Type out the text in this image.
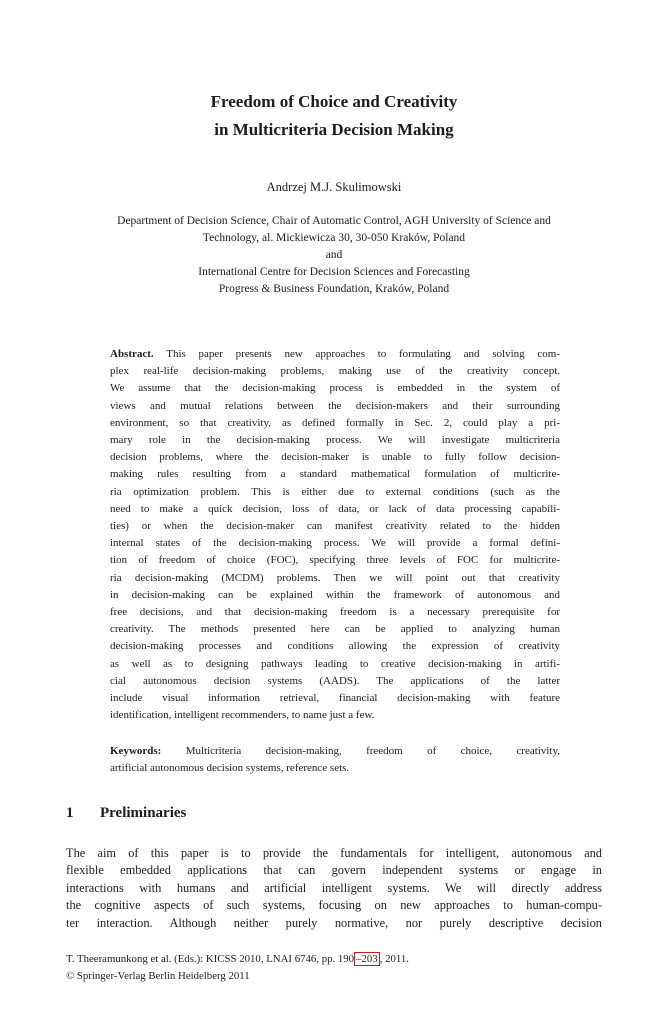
Freedom of Choice and Creativity
in Multicriteria Decision Making
Andrzej M.J. Skulimowski
Department of Decision Science, Chair of Automatic Control, AGH University of Science and
Technology, al. Mickiewicza 30, 30-050 Kraków, Poland
and
International Centre for Decision Sciences and Forecasting
Progress & Business Foundation, Kraków, Poland
Abstract. This paper presents new approaches to formulating and solving com-
plex real-life decision-making problems, making use of the creativity concept.
We assume that the decision-making process is embedded in the system of
views and mutual relations between the decision-makers and their surrounding
environment, so that creativity, as defined formally in Sec. 2, could play a pri-
mary role in the decision-making process. We will investigate multicriteria
decision problems, where the decision-maker is unable to fully follow decision-
making rules resulting from a standard mathematical formulation of multicrite-
ria optimization problem. This is either due to external conditions (such as the
need to make a quick decision, loss of data, or lack of data processing capabili-
ties) or when the decision-maker can manifest creativity related to the hidden
internal states of the decision-making process. We will provide a formal defini-
tion of freedom of choice (FOC), specifying three levels of FOC for multicrite-
ria decision-making (MCDM) problems. Then we will point out that creativity
in decision-making can be explained within the framework of autonomous and
free decisions, and that decision-making freedom is a necessary prerequisite for
creativity. The methods presented here can be applied to analyzing human
decision-making processes and conditions allowing the expression of creativity
as well as to designing pathways leading to creative decision-making in artifi-
cial autonomous decision systems (AADS). The applications of the latter
include visual information retrieval, financial decision-making with feature
identification, intelligent recommenders, to name just a few.
Keywords: Multicriteria decision-making, freedom of choice, creativity,
artificial autonomous decision systems, reference sets.
1 Preliminaries
The aim of this paper is to provide the fundamentals for intelligent, autonomous and
flexible embedded applications that can govern independent systems or engage in
interactions with humans and artificial intelligent systems. We will directly address
the cognitive aspects of such systems, focusing on new approaches to human-compu-
ter interaction. Although neither purely normative, nor purely descriptive decision
T. Theeramunkong et al. (Eds.): KICSS 2010, LNAI 6746, pp. 190 –203 , 2011.
© Springer-Verlag Berlin Heidelberg 2011
